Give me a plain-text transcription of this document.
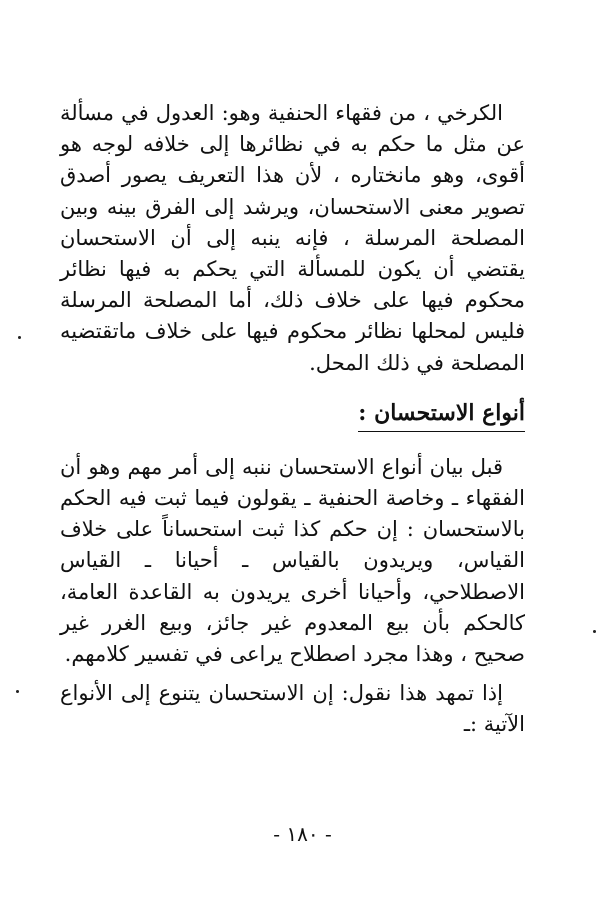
الكرخي ، من فقهاء الحنفية وهو: العدول في مسألة عن مثل ما حكم به في نظائرها إلى خلافه لوجه هو أقوى، وهو مانختاره ، لأن هذا التعريف يصور أصدق تصوير معنى الاستحسان، ويرشد إلى الفرق بينه وبين المصلحة المرسلة ، فإنه ينبه إلى أن الاستحسان يقتضي أن يكون للمسألة التي يحكم به فيها نظائر محكوم فيها على خلاف ذلك، أما المصلحة المرسلة فليس لمحلها نظائر محكوم فيها على خلاف ماتقتضيه المصلحة في ذلك المحل.

أنواع الاستحسان :

قبل بيان أنواع الاستحسان ننبه إلى أمر مهم وهو أن الفقهاء ـ وخاصة الحنفية ـ يقولون فيما ثبت فيه الحكم بالاستحسان : إن حكم كذا ثبت استحساناً على خلاف القياس، ويريدون بالقياس ـ أحيانا ـ القياس الاصطلاحي، وأحيانا أخرى يريدون به القاعدة العامة، كالحكم بأن بيع المعدوم غير جائز، وبيع الغرر غير صحيح ، وهذا مجرد اصطلاح يراعى في تفسير كلامهم.

إذا تمهد هذا نقول: إن الاستحسان يتنوع إلى الأنواع الآتية :ـ

- ١٨٠ -
